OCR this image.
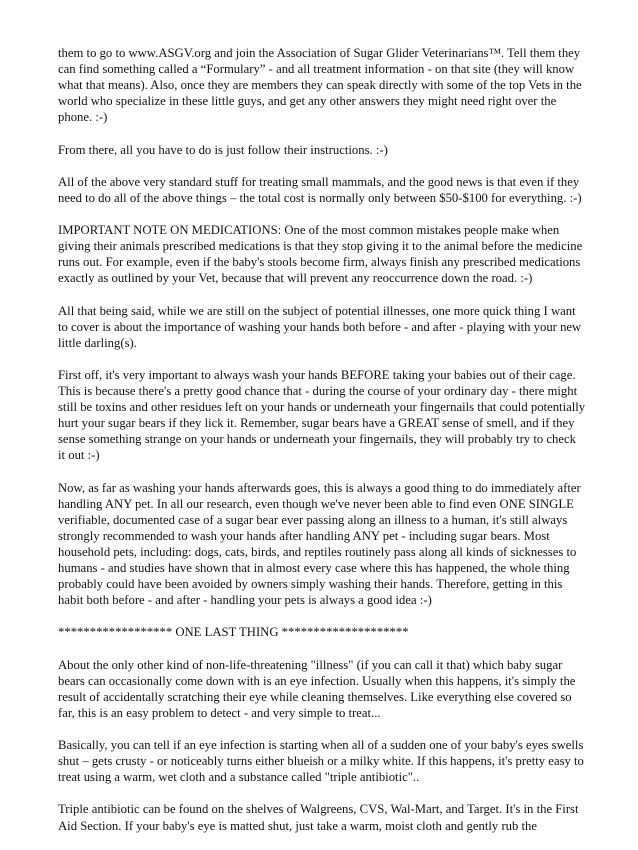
them to go to www.ASGV.org and join the Association of Sugar Glider Veterinarians™. Tell them they can find something called a “Formulary” - and all treatment information - on that site (they will know what that means). Also, once they are members they can speak directly with some of the top Vets in the world who specialize in these little guys, and get any other answers they might need right over the phone. :-)

From there, all you have to do is just follow their instructions. :-)

All of the above very standard stuff for treating small mammals, and the good news is that even if they need to do all of the above things – the total cost is normally only between $50-$100 for everything. :-)

IMPORTANT NOTE ON MEDICATIONS: One of the most common mistakes people make when giving their animals prescribed medications is that they stop giving it to the animal before the medicine runs out. For example, even if the baby's stools become firm, always finish any prescribed medications exactly as outlined by your Vet, because that will prevent any reoccurrence down the road. :-)

All that being said, while we are still on the subject of potential illnesses, one more quick thing I want to cover is about the importance of washing your hands both before - and after - playing with your new little darling(s).

First off, it's very important to always wash your hands BEFORE taking your babies out of their cage. This is because there's a pretty good chance that - during the course of your ordinary day - there might still be toxins and other residues left on your hands or underneath your fingernails that could potentially hurt your sugar bears if they lick it. Remember, sugar bears have a GREAT sense of smell, and if they sense something strange on your hands or underneath your fingernails, they will probably try to check it out :-)

Now, as far as washing your hands afterwards goes, this is always a good thing to do immediately after handling ANY pet. In all our research, even though we've never been able to find even ONE SINGLE verifiable, documented case of a sugar bear ever passing along an illness to a human, it's still always strongly recommended to wash your hands after handling ANY pet - including sugar bears. Most household pets, including: dogs, cats, birds, and reptiles routinely pass along all kinds of sicknesses to humans - and studies have shown that in almost every case where this has happened, the whole thing probably could have been avoided by owners simply washing their hands. Therefore, getting in this habit both before - and after - handling your pets is always a good idea :-)

****************** ONE LAST THING ********************

About the only other kind of non-life-threatening "illness" (if you can call it that) which baby sugar bears can occasionally come down with is an eye infection. Usually when this happens, it's simply the result of accidentally scratching their eye while cleaning themselves. Like everything else covered so far, this is an easy problem to detect - and very simple to treat...

Basically, you can tell if an eye infection is starting when all of a sudden one of your baby's eyes swells shut – gets crusty - or noticeably turns either blueish or a milky white. If this happens, it's pretty easy to treat using a warm, wet cloth and a substance called "triple antibiotic"..

Triple antibiotic can be found on the shelves of Walgreens, CVS, Wal-Mart, and Target. It's in the First Aid Section. If your baby's eye is matted shut, just take a warm, moist cloth and gently rub the
